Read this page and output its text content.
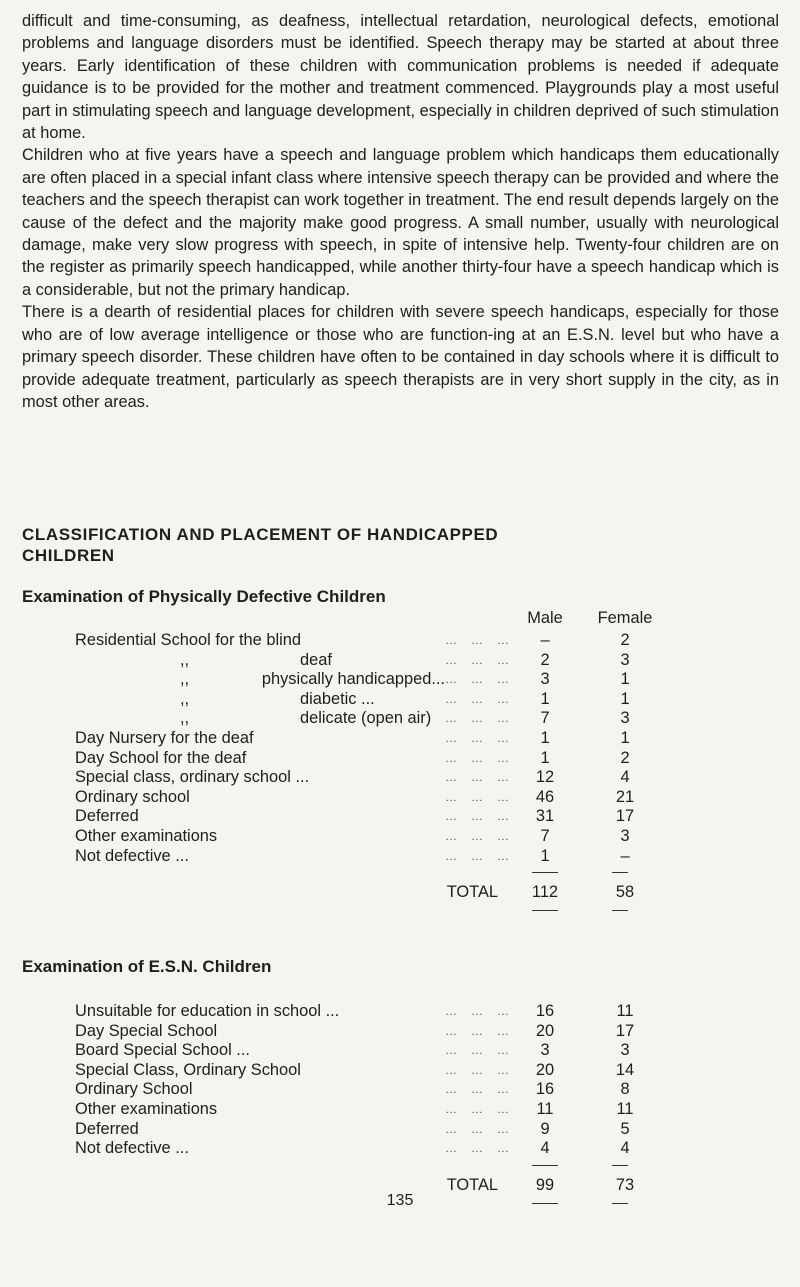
difficult and time-consuming, as deafness, intellectual retardation, neurological defects, emotional problems and language disorders must be identified. Speech therapy may be started at about three years. Early identification of these children with communication problems is needed if adequate guidance is to be provided for the mother and treatment commenced. Playgrounds play a most useful part in stimulating speech and language development, especially in children deprived of such stimulation at home.

Children who at five years have a speech and language problem which handicaps them educationally are often placed in a special infant class where intensive speech therapy can be provided and where the teachers and the speech therapist can work together in treatment. The end result depends largely on the cause of the defect and the majority make good progress. A small number, usually with neurological damage, make very slow progress with speech, in spite of intensive help. Twenty-four children are on the register as primarily speech handicapped, while another thirty-four have a speech handicap which is a considerable, but not the primary handicap.

There is a dearth of residential places for children with severe speech handicaps, especially for those who are of low average intelligence or those who are function-ing at an E.S.N. level but who have a primary speech disorder. These children have often to be contained in day schools where it is difficult to provide adequate treatment, particularly as speech therapists are in very short supply in the city, as in most other areas.

CLASSIFICATION AND PLACEMENT OF HANDICAPPED
CHILDREN
Examination of Physically Defective Children
Male	Female
Residential School for the blind	… … …	–	2
,,	deaf	… … …	2	3
,,	physically handicapped... … … …	3	1
,,	diabetic ...	… … …	1	1
,,	delicate (open air) … … …	7	3
Day Nursery for the deaf	… … …	1	1
Day School for the deaf	… … …	1	2
Special class, ordinary school ...	… … …	12	4
Ordinary school	… … …	46	21
Deferred	… … …	31	17
Other examinations	… … …	7	3
Not defective ...	… … …	1	–
TOTAL	112	58
Examination of E.S.N. Children
Unsuitable for education in school ...	… … …	16	11
Day Special School	… … …	20	17
Board Special School ...	… … …	3	3
Special Class, Ordinary School	… … …	20	14
Ordinary School	… … …	16	8
Other examinations	… … …	11	11
Deferred	… … …	9	5
Not defective ...	… … …	4	4
TOTAL	99	73
135
